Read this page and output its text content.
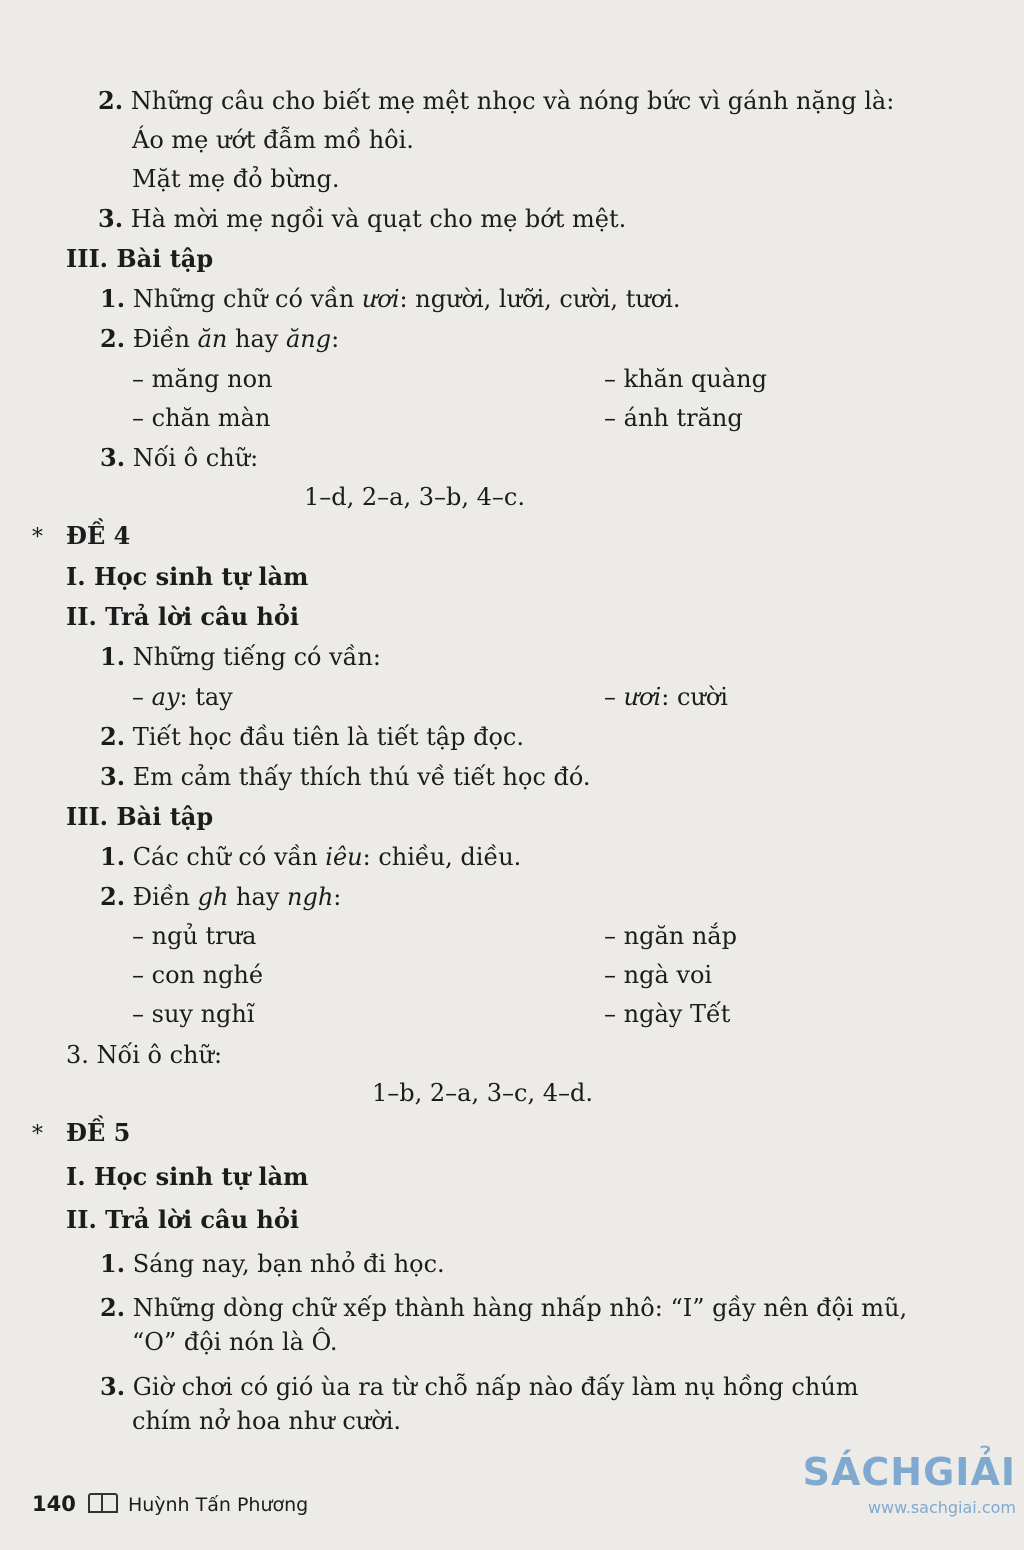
2. Những câu cho biết mẹ mệt nhọc và nóng bức vì gánh nặng là:
Áo mẹ ướt đẫm mồ hôi.
Mặt mẹ đỏ bừng.
3. Hà mời mẹ ngồi và quạt cho mẹ bớt mệt.
III. Bài tập
1. Những chữ có vần ươi: người, lưỡi, cười, tươi.
2. Điền ăn hay ăng:
– măng non	– khăn quàng
– chăn màn	– ánh trăng
3. Nối ô chữ:
1–d, 2–a, 3–b, 4–c.
* ĐỀ 4
I. Học sinh tự làm
II. Trả lời câu hỏi
1. Những tiếng có vần:
– ay: tay	– ươi: cười
2. Tiết học đầu tiên là tiết tập đọc.
3. Em cảm thấy thích thú về tiết học đó.
III. Bài tập
1. Các chữ có vần iêu: chiều, diều.
2. Điền gh hay ngh:
– ngủ trưa	– ngăn nắp
– con nghé	– ngà voi
– suy nghĩ	– ngày Tết
3. Nối ô chữ:
1–b, 2–a, 3–c, 4–d.
* ĐỀ 5
I. Học sinh tự làm
II. Trả lời câu hỏi
1. Sáng nay, bạn nhỏ đi học.
2. Những dòng chữ xếp thành hàng nhấp nhô: “I” gầy nên đội mũ,
“O” đội nón là Ô.
3. Giờ chơi có gió ùa ra từ chỗ nấp nào đấy làm nụ hồng chúm
chím nở hoa như cười.
140	Huỳnh Tấn Phương
SÁCHGIẢI
www.sachgiai.com
